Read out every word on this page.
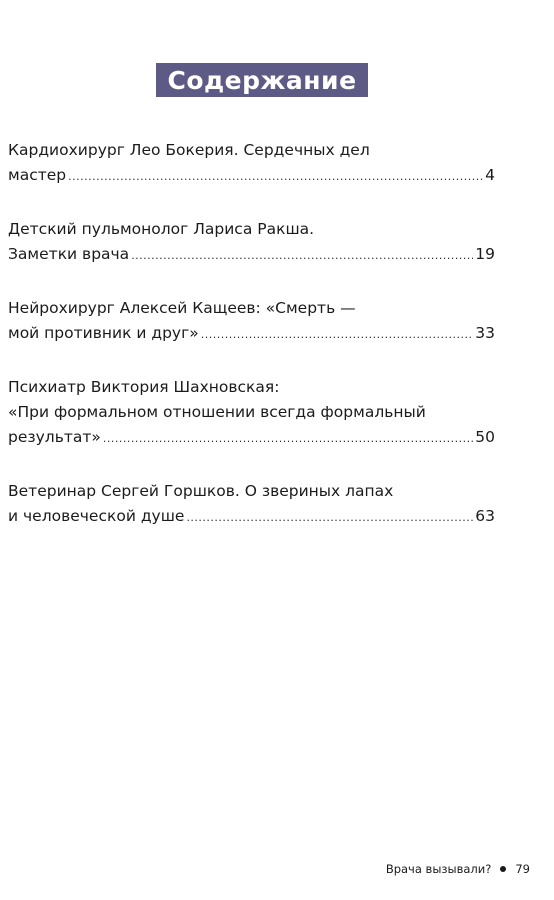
Содержание
Кардиохирург Лео Бокерия. Сердечных дел
мастер .....	4
Детский пульмонолог Лариса Ракша.
Заметки врача .....	19
Нейрохирург Алексей Кащеев: «Смерть —
мой противник и друг» .....	33
Психиатр Виктория Шахновская:
«При формальном отношении всегда формальный
результат» .....	50
Ветеринар Сергей Горшков. О звериных лапах
и человеческой душе .....	63
Врача вызывали? 79
